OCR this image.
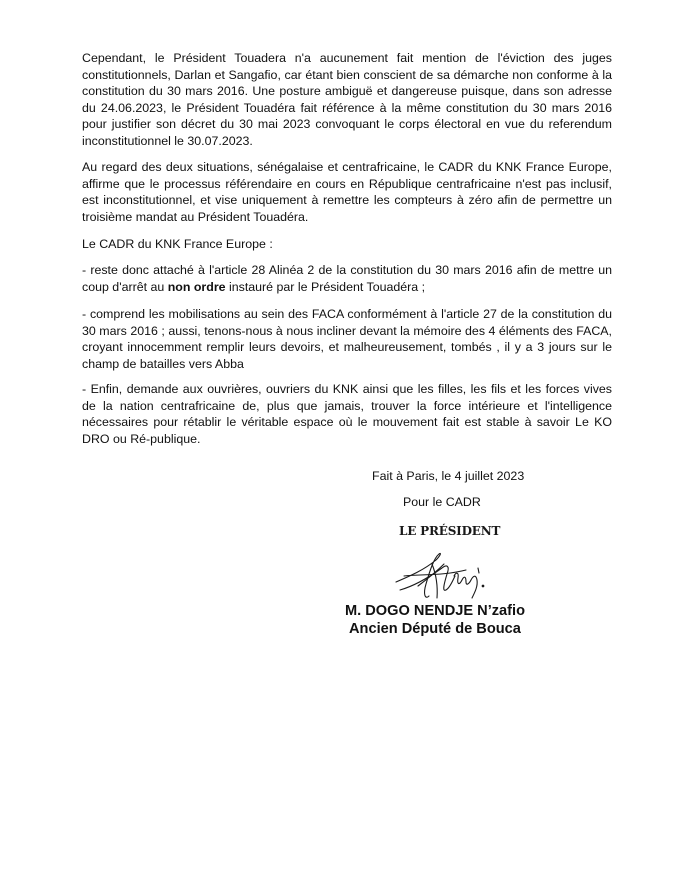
Cependant, le Président Touadera n'a aucunement fait mention de l'éviction des juges constitutionnels, Darlan et Sangafio, car étant bien conscient de sa démarche non conforme à la constitution du 30 mars 2016. Une posture ambiguë et dangereuse puisque, dans son adresse du 24.06.2023, le Président Touadéra fait référence à la même constitution du 30 mars 2016 pour justifier son décret du 30 mai 2023 convoquant le corps électoral en vue du referendum inconstitutionnel le 30.07.2023.

Au regard des deux situations, sénégalaise et centrafricaine, le CADR du KNK France Europe, affirme que le processus référendaire en cours en République centrafricaine n'est pas inclusif, est inconstitutionnel, et vise uniquement à remettre les compteurs à zéro afin de permettre un troisième mandat au Président Touadéra.

Le CADR du KNK France Europe :

- reste donc attaché à l'article 28 Alinéa 2 de la constitution du 30 mars 2016 afin de mettre un coup d'arrêt au non ordre instauré par le Président Touadéra ;

- comprend les mobilisations au sein des FACA conformément à l'article 27 de la constitution du 30 mars 2016 ; aussi, tenons-nous à nous incliner devant la mémoire des 4 éléments des FACA, croyant innocemment remplir leurs devoirs, et malheureusement, tombés , il y a 3 jours sur le champ de batailles vers Abba

- Enfin, demande aux ouvrières, ouvriers du KNK ainsi que les filles, les fils et les forces vives de la nation centrafricaine de, plus que jamais, trouver la force intérieure et l'intelligence nécessaires pour rétablir le véritable espace où le mouvement fait est stable à savoir Le KO DRO ou Ré-publique.

Fait à Paris, le 4 juillet 2023
Pour le CADR
LE PRÉSIDENT
M. DOGO NENDJE N’zafio
Ancien Député de Bouca
